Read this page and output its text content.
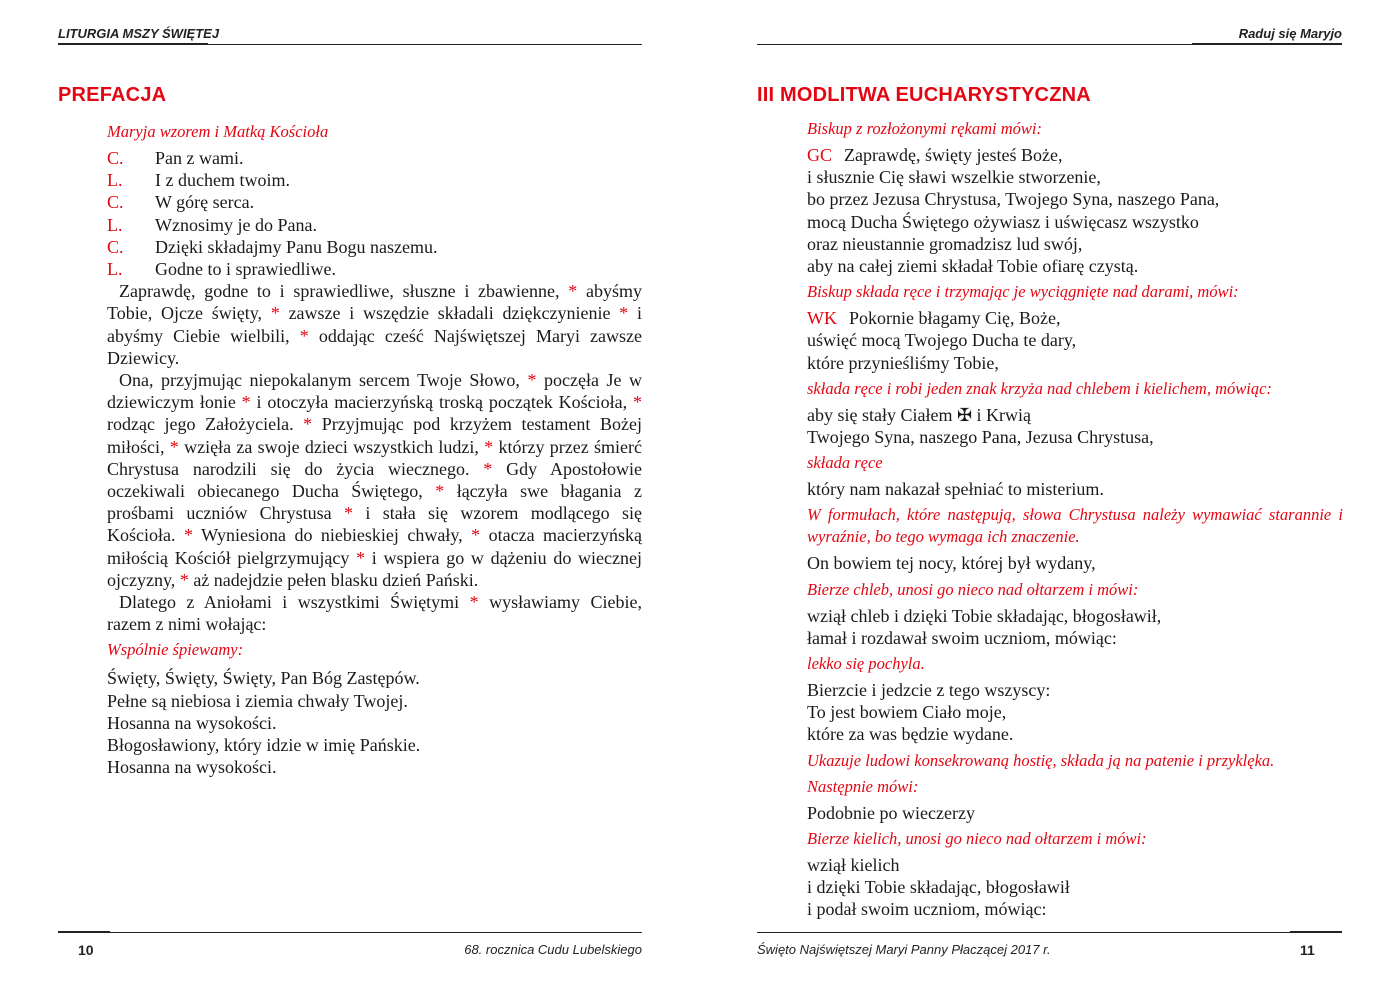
LITURGIA MSZY ŚWIĘTEJ
PREFACJA
Maryja wzorem i Matką Kościoła
C.	Pan z wami.
L.	I z duchem twoim.
C.	W górę serca.
L.	Wznosimy je do Pana.
C.	Dzięki składajmy Panu Bogu naszemu.
L.	Godne to i sprawiedliwe.

Zaprawdę, godne to i sprawiedliwe, słuszne i zbawienne, * abyśmy Tobie, Ojcze święty, * zawsze i wszędzie składali dziękczynienie * i abyśmy Ciebie wielbili, * oddając cześć Najświętszej Maryi zawsze Dziewicy.

Ona, przyjmując niepokalanym sercem Twoje Słowo, * poczęła Je w dziewiczym łonie * i otoczyła macierzyńską troską początek Kościoła, * rodząc jego Założyciela. * Przyjmując pod krzyżem testament Bożej miłości, * wzięła za swoje dzieci wszystkich ludzi, * którzy przez śmierć Chrystusa narodzili się do życia wiecznego. * Gdy Apostołowie oczekiwali obiecanego Ducha Świętego, * łączyła swe błagania z prośbami uczniów Chrystusa * i stała się wzorem modlącego się Kościoła. * Wyniesiona do niebieskiej chwały, * otacza macierzyńską miłością Kościół pielgrzymujący * i wspiera go w dążeniu do wiecznej ojczyzny, * aż nadejdzie pełen blasku dzień Pański.

Dlatego z Aniołami i wszystkimi Świętymi * wysławiamy Ciebie, razem z nimi wołając:

Wspólnie śpiewamy:
Święty, Święty, Święty, Pan Bóg Zastępów.
Pełne są niebiosa i ziemia chwały Twojej.
Hosanna na wysokości.
Błogosławiony, który idzie w imię Pańskie.
Hosanna na wysokości.
10	68. rocznica Cudu Lubelskiego
Raduj się Maryjo
III MODLITWA EUCHARYSTYCZNA
Biskup z rozłożonymi rękami mówi:
GC Zaprawdę, święty jesteś Boże,
i słusznie Cię sławi wszelkie stworzenie,
bo przez Jezusa Chrystusa, Twojego Syna, naszego Pana,
mocą Ducha Świętego ożywiasz i uświęcasz wszystko
oraz nieustannie gromadzisz lud swój,
aby na całej ziemi składał Tobie ofiarę czystą.
Biskup składa ręce i trzymając je wyciągnięte nad darami, mówi:
WK Pokornie błagamy Cię, Boże,
uświęć mocą Twojego Ducha te dary,
które przynieśliśmy Tobie,
składa ręce i robi jeden znak krzyża nad chlebem i kielichem, mówiąc:
aby się stały Ciałem ✠ i Krwią
Twojego Syna, naszego Pana, Jezusa Chrystusa,
składa ręce
który nam nakazał spełniać to misterium.
W formułach, które następują, słowa Chrystusa należy wymawiać starannie i wyraźnie, bo tego wymaga ich znaczenie.
On bowiem tej nocy, której był wydany,
Bierze chleb, unosi go nieco nad ołtarzem i mówi:
wziął chleb i dzięki Tobie składając, błogosławił,
łamał i rozdawał swoim uczniom, mówiąc:
lekko się pochyla.
Bierzcie i jedzcie z tego wszyscy:
To jest bowiem Ciało moje,
które za was będzie wydane.
Ukazuje ludowi konsekrowaną hostię, składa ją na patenie i przyklęka.
Następnie mówi:
Podobnie po wieczerzy
Bierze kielich, unosi go nieco nad ołtarzem i mówi:
wziął kielich
i dzięki Tobie składając, błogosławił
i podał swoim uczniom, mówiąc:
Święto Najświętszej Maryi Panny Płaczącej 2017 r.	11
